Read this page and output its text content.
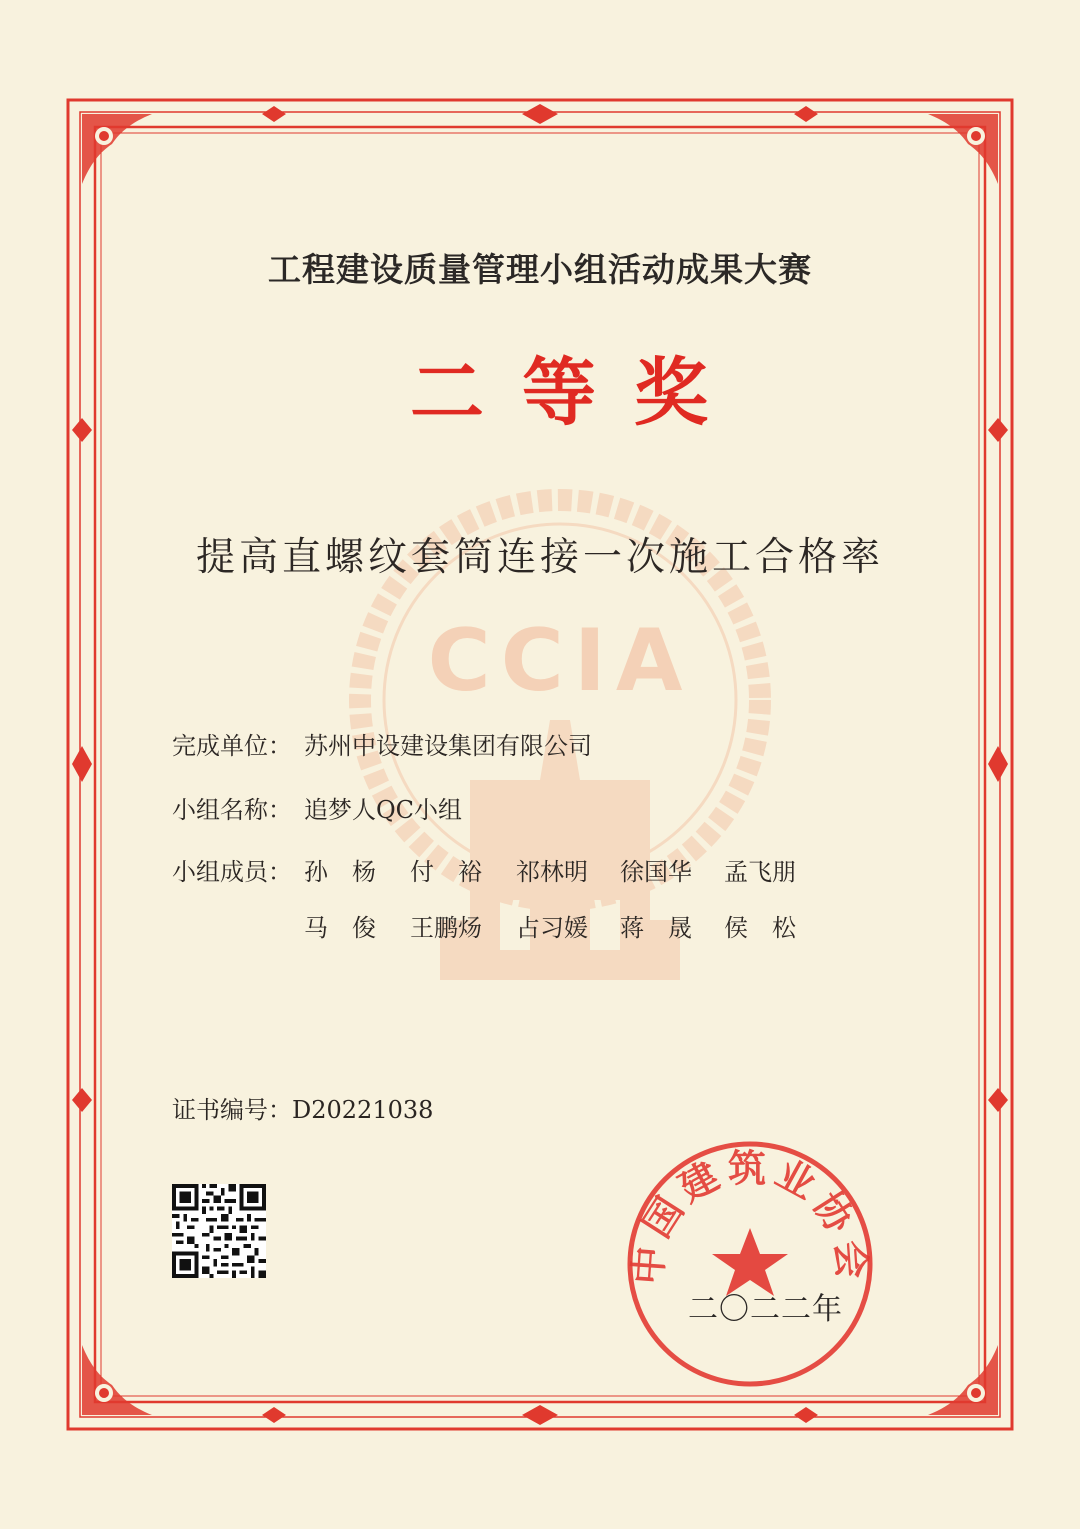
CCIA
工程建设质量管理小组活动成果大赛
二等奖
提高直螺纹套筒连接一次施工合格率
完成单位： 苏州中设建设集团有限公司
小组名称： 追梦人QC小组
小组成员： 孙　杨 付　裕 祁林明 徐国华 孟飞朋
马　俊 王鹏炀 占习媛 蒋　晟 侯　松
证书编号：D20221038
中国建筑业协会
二〇二二年
